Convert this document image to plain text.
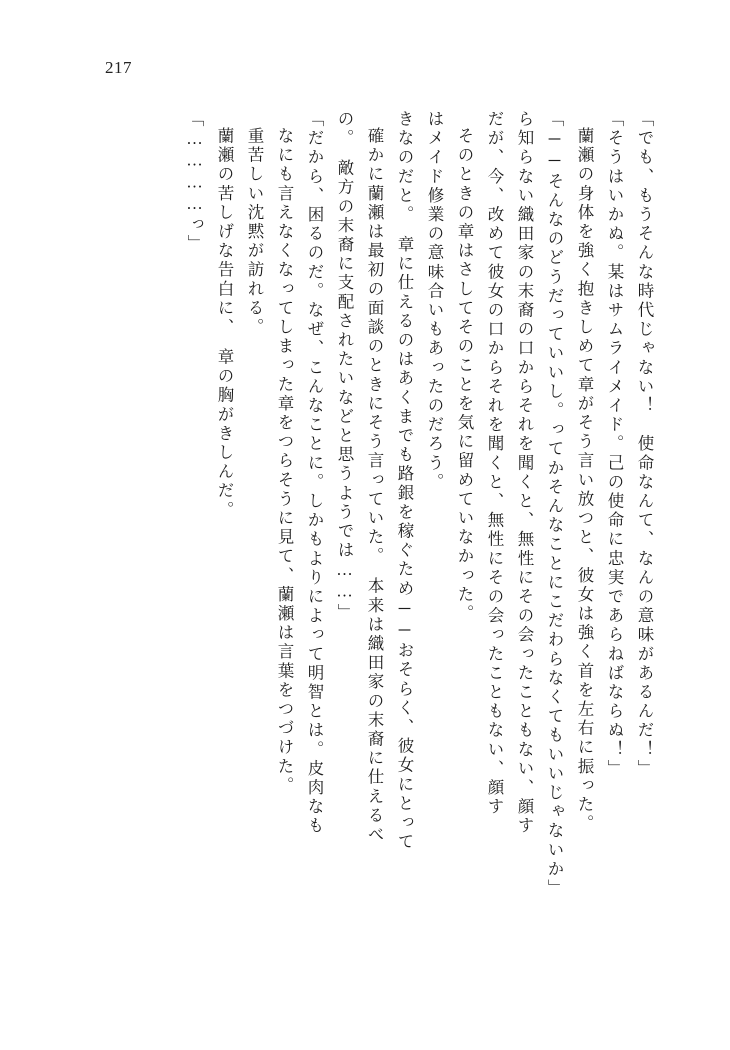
217
「でも、もうそんな時代じゃない！　使命なんて、なんの意味があるんだ！」
「そうはいかぬ。某はサムライメイド。己の使命に忠実であらねばならぬ！」
蘭瀬の身体を強く抱きしめて章がそう言い放つと、彼女は強く首を左右に振った。
「──そんなのどうだっていいし。ってかそんなことにこだわらなくてもいいじゃないか」
ら知らない織田家の末裔の口からそれを聞くと、無性にその会ったこともない、顔す
だが、今、改めて彼女の口からそれを聞くと、無性にその会ったこともない、顔す
そのときの章はさしてそのことを気に留めていなかった。
はメイド修業の意味合いもあったのだろう。
きなのだと。　章に仕えるのはあくまでも路銀を稼ぐため──おそらく、彼女にとって
確かに蘭瀬は最初の面談のときにそう言っていた。　本来は織田家の末裔に仕えるべ
の。　敵方の末裔に支配されたいなどと思うようでは……」
「だから、困るのだ。なぜ、こんなことに。しかもよりによって明智とは。皮肉なも
なにも言えなくなってしまった章をつらそうに見て、蘭瀬は言葉をつづけた。
重苦しい沈黙が訪れる。
蘭瀬の苦しげな告白に、　章の胸がきしんだ。
「…………っ」
